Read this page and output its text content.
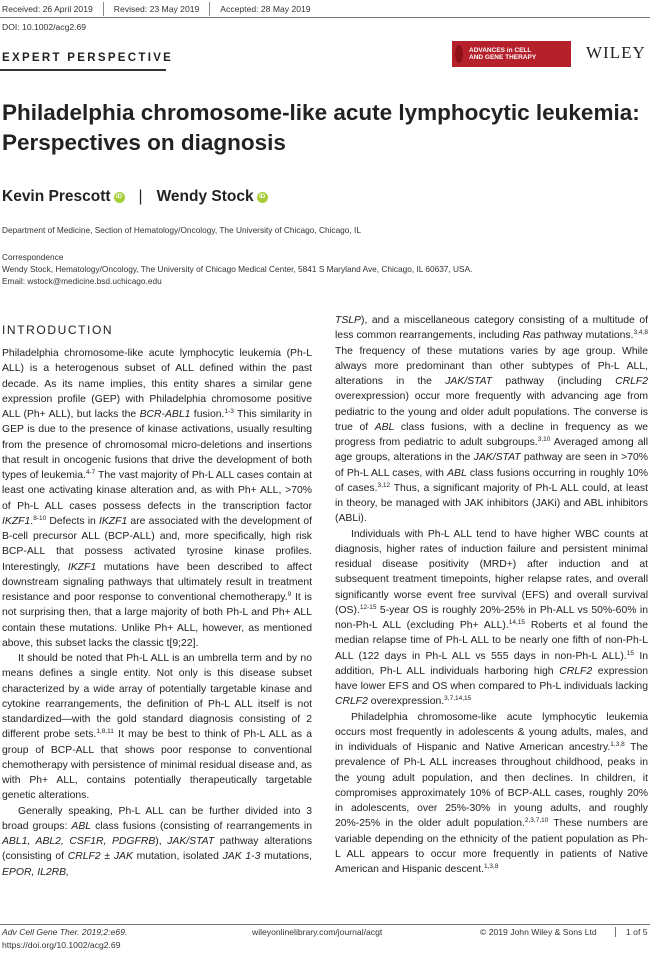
Received: 26 April 2019	Revised: 23 May 2019	Accepted: 28 May 2019
DOI: 10.1002/acg2.69
EXPERT PERSPECTIVE
ADVANCES in CELL
AND GENE THERAPY	WILEY
Philadelphia chromosome-like acute lymphocytic leukemia: Perspectives on diagnosis
Kevin Prescott iD | Wendy Stock iD
Department of Medicine, Section of Hematology/Oncology, The University of Chicago, Chicago, IL
Correspondence
Wendy Stock, Hematology/Oncology, The University of Chicago Medical Center, 5841 S Maryland Ave, Chicago, IL 60637, USA.
Email: wstock@medicine.bsd.uchicago.edu
INTRODUCTION

Philadelphia chromosome-like acute lymphocytic leukemia (Ph-L ALL) is a heterogenous subset of ALL defined within the past decade. As its name implies, this entity shares a similar gene expression profile (GEP) with Philadelphia chromosome positive ALL (Ph+ ALL), but lacks the BCR-ABL1 fusion.$^{1-3}$ This similarity in GEP is due to the presence of kinase activations, usually resulting from the presence of chromosomal micro-deletions and insertions that result in oncogenic fusions that drive the development of both types of leukemia.$^{4-7}$ The vast majority of Ph-L ALL cases contain at least one activating kinase alteration and, as with Ph+ ALL, >70% of Ph-L ALL cases possess defects in the transcription factor IKZF1.$^{8-10}$ Defects in IKZF1 are associated with the development of B-cell precursor ALL (BCP-ALL) and, more specifically, high risk BCP-ALL that possess activated tyrosine kinase profiles. Interestingly, IKZF1 mutations have been described to affect downstream signaling pathways that ultimately result in treatment resistance and poor response to conventional chemotherapy.$^9$ It is not surprising then, that a large majority of both Ph-L and Ph+ ALL contain these mutations. Unlike Ph+ ALL, however, as mentioned above, this subset lacks the classic t[9;22].

It should be noted that Ph-L ALL is an umbrella term and by no means defines a single entity. Not only is this disease subset characterized by a wide array of potentially targetable kinase and cytokine rearrangements, the definition of Ph-L ALL itself is not standardized—with the gold standard diagnosis consisting of 2 different probe sets.$^{1,8,11}$ It may be best to think of Ph-L ALL as a group of BCP-ALL that shows poor response to conventional chemotherapy with persistence of minimal residual disease and, as with Ph+ ALL, contains potentially therapeutically targetable genetic alterations.

Generally speaking, Ph-L ALL can be further divided into 3 broad groups: ABL class fusions (consisting of rearrangements in ABL1, ABL2, CSF1R, PDGFRB), JAK/STAT pathway alterations (consisting of CRLF2 ± JAK mutation, isolated JAK 1-3 mutations, EPOR, IL2RB,

TSLP), and a miscellaneous category consisting of a multitude of less common rearrangements, including Ras pathway mutations.$^{3,4,8}$ The frequency of these mutations varies by age group. While always more predominant than other subtypes of Ph-L ALL, alterations in the JAK/STAT pathway (including CRLF2 overexpression) occur more frequently with advancing age from pediatric to the young and older adult populations. The converse is true of ABL class fusions, with a decline in frequency as we progress from pediatric to adult subgroups.$^{3,10}$ Averaged among all age groups, alterations in the JAK/STAT pathway are seen in >70% of Ph-L ALL cases, with ABL class fusions occurring in roughly 10% of cases.$^{3,12}$ Thus, a significant majority of Ph-L ALL could, at least in theory, be managed with JAK inhibitors (JAKi) and ABL inhibitors (ABLi).

Individuals with Ph-L ALL tend to have higher WBC counts at diagnosis, higher rates of induction failure and persistent minimal residual disease positivity (MRD+) after induction and at subsequent treatment timepoints, higher relapse rates, and overall significantly worse event free survival (EFS) and overall survival (OS).$^{12-15}$ 5-year OS is roughly 20%-25% in Ph-ALL vs 50%-60% in non-Ph-L ALL (excluding Ph+ ALL).$^{14,15}$ Roberts et al found the median relapse time of Ph-L ALL to be nearly one fifth of non-Ph-L ALL (122 days in Ph-L ALL vs 555 days in non-Ph-L ALL).$^{15}$ In addition, Ph-L ALL individuals harboring high CRLF2 expression have lower EFS and OS when compared to Ph-L individuals lacking CRLF2 overexpression.$^{3,7,14,15}$

Philadelphia chromosome-like acute lymphocytic leukemia occurs most frequently in adolescents & young adults, males, and in individuals of Hispanic and Native American ancestry.$^{1,3,8}$ The prevalence of Ph-L ALL increases throughout childhood, peaks in the young adult population, and then declines. In children, it compromises approximately 10% of BCP-ALL cases, roughly 20% in adolescents, over 25%-30% in young adults, and roughly 20%-25% in the older adult population.$^{2,3,7,10}$ These numbers are variable depending on the ethnicity of the patient population as Ph-L ALL appears to occur more frequently in patients of Native American and Hispanic descent.$^{1,3,8}$

Adv Cell Gene Ther. 2019;2:e69.
https://doi.org/10.1002/acg2.69
wileyonlinelibrary.com/journal/acgt	© 2019 John Wiley & Sons Ltd	1 of 5
